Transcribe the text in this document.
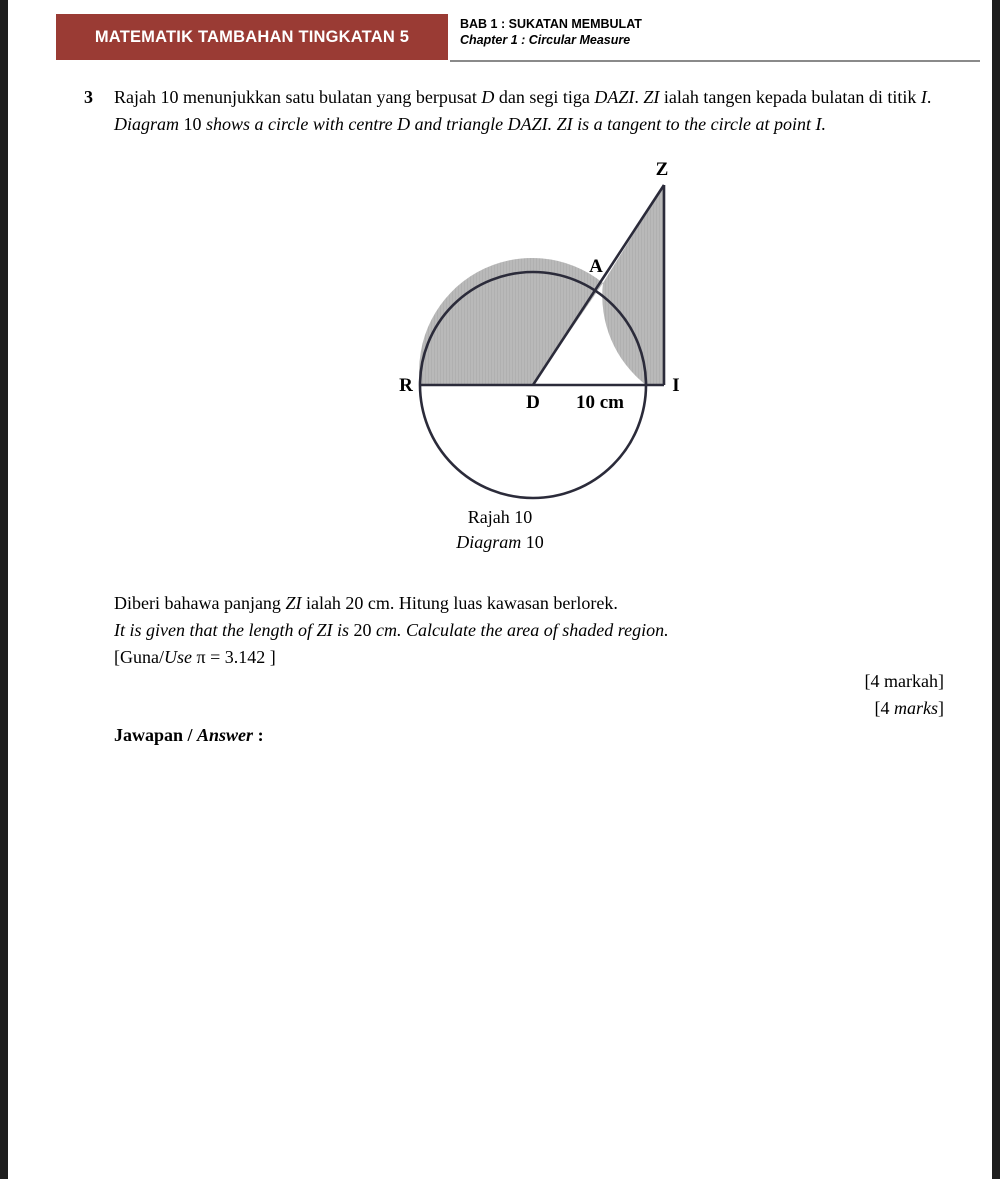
MATEMATIK TAMBAHAN TINGKATAN 5
BAB 1 : SUKATAN MEMBULAT
Chapter 1 : Circular Measure
3 Rajah 10 menunjukkan satu bulatan yang berpusat D dan segi tiga DAZI. ZI ialah tangen kepada bulatan di titik I.

Diagram 10 shows a circle with centre D and triangle DAZI. ZI is a tangent to the circle at point I.

Z
A
R
D
I
10 cm
Rajah 10
Diagram 10

Diberi bahawa panjang ZI ialah 20 cm. Hitung luas kawasan berlorek.

It is given that the length of ZI is 20 cm. Calculate the area of shaded region.

[Guna/Use π = 3.142 ]

[4 markah]
[4 marks]
Jawapan / Answer :
